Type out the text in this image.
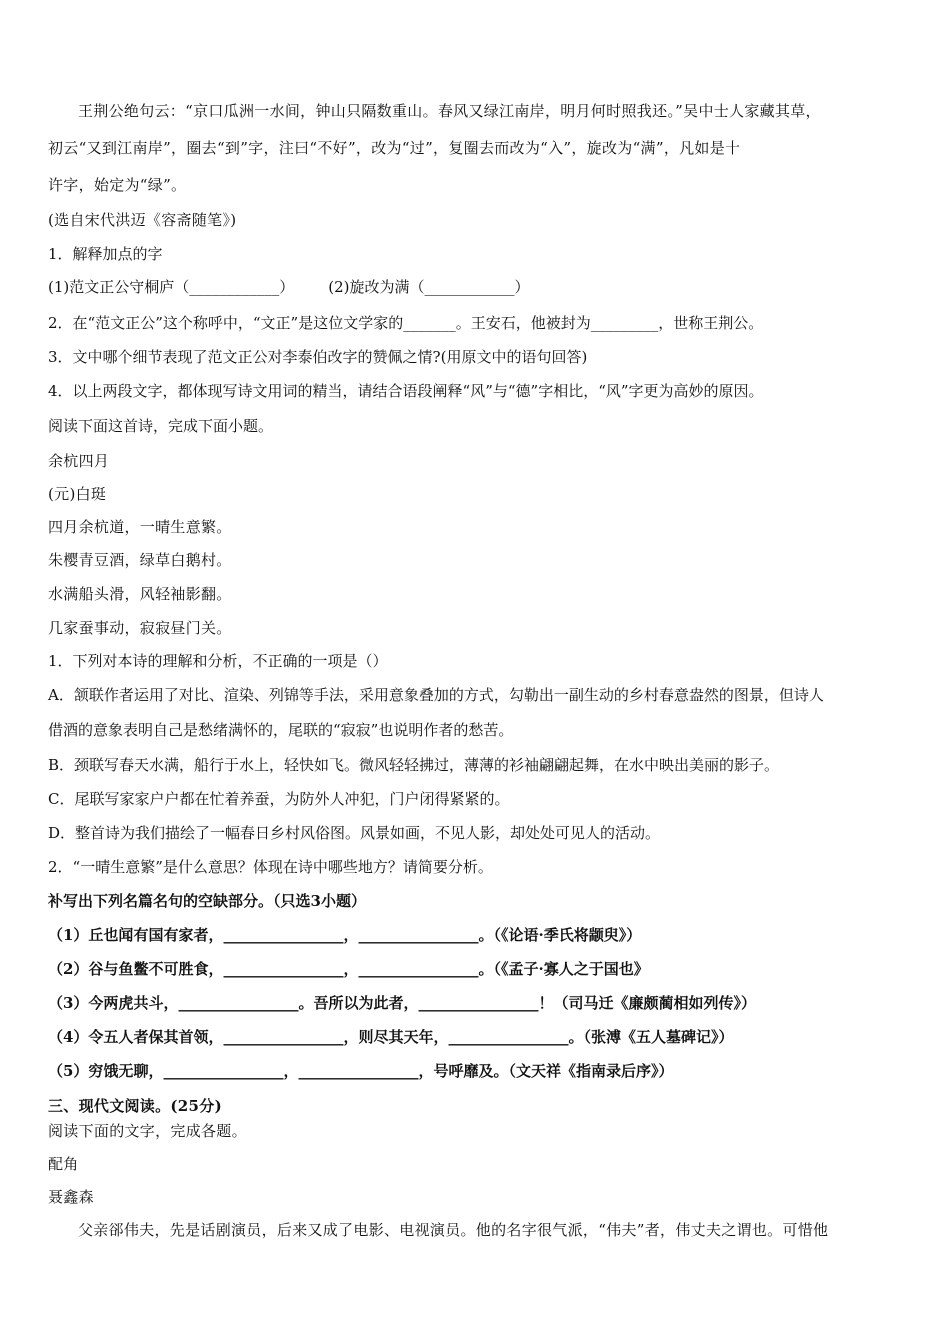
王荆公绝句云：“京口瓜洲一水间，钟山只隔数重山。春风又绿江南岸，明月何时照我还。”吴中士人家藏其草，
初云“又到江南岸”，圈去“到”字，注曰“不好”，改为“过”，复圈去而改为“入”，旋改为“满”，凡如是十
许字，始定为“绿”。
(选自宋代洪迈《容斋随笔》)
1．解释加点的字
(1)范文正公守桐庐（____________） (2)旋改为满（____________）
2．在“范文正公”这个称呼中，“文正”是这位文学家的_______。王安石，他被封为_________，世称王荆公。
3．文中哪个细节表现了范文正公对李泰伯改字的赞佩之情?(用原文中的语句回答)
4．以上两段文字，都体现写诗文用词的精当，请结合语段阐释“风”与“德”字相比，“风”字更为高妙的原因。
阅读下面这首诗，完成下面小题。
余杭四月
(元)白珽
四月余杭道，一晴生意繁。
朱樱青豆酒，绿草白鹅村。
水满船头滑，风轻袖影翻。
几家蚕事动，寂寂昼门关。
1．下列对本诗的理解和分析，不正确的一项是（）
A．颔联作者运用了对比、渲染、列锦等手法，采用意象叠加的方式，勾勒出一副生动的乡村春意盎然的图景，但诗人
借酒的意象表明自己是愁绪满怀的，尾联的“寂寂”也说明作者的愁苦。
B．颈联写春天水满，船行于水上，轻快如飞。微风轻轻拂过，薄薄的衫袖翩翩起舞，在水中映出美丽的影子。
C．尾联写家家户户都在忙着养蚕，为防外人冲犯，门户闭得紧紧的。
D．整首诗为我们描绘了一幅春日乡村风俗图。风景如画，不见人影，却处处可见人的活动。
2．“一晴生意繁”是什么意思？体现在诗中哪些地方？请简要分析。
补写出下列名篇名句的空缺部分。（只选3小题）
（1）丘也闻有国有家者，________________，________________。（《论语·季氏将颛臾》）
（2）谷与鱼鳖不可胜食，________________，________________。（《孟子·寡人之于国也》
（3）今两虎共斗，________________。吾所以为此者，________________！（司马迁《廉颇蔺相如列传》）
（4）令五人者保其首领，________________，则尽其天年，________________。（张溥《五人墓碑记》）
（5）穷饿无聊，________________，________________，号呼靡及。（文天祥《指南录后序》）
三、现代文阅读。(25分)
阅读下面的文字，完成各题。
配角
聂鑫森
父亲郤伟夫，先是话剧演员，后来又成了电影、电视演员。他的名字很气派，“伟夫”者，伟丈夫之谓也。可惜他
